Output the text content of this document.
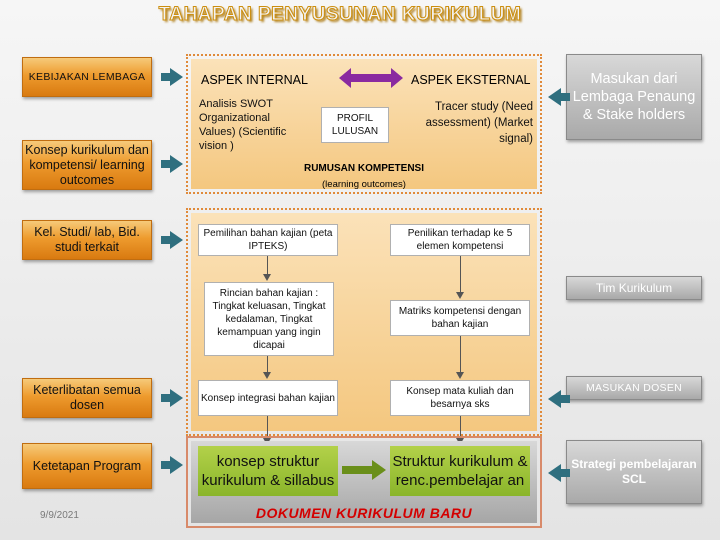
TAHAPAN PENYUSUNAN KURIKULUM
KEBIJAKAN LEMBAGA
Konsep kurikulum dan kompetensi/ learning outcomes
Kel. Studi/ lab, Bid. studi terkait
Keterlibatan semua dosen
Ketetapan Program
9/9/2021
ASPEK INTERNAL	ASPEK EKSTERNAL
Analisis SWOT Organizational Values) (Scientific vision )
PROFIL LULUSAN
Tracer study (Need assessment) (Market signal)
RUMUSAN KOMPETENSI
(learning outcomes)
Pemilihan bahan kajian (peta IPTEKS)
Penilikan terhadap ke 5 elemen kompetensi
Rincian bahan kajian : Tingkat keluasan, Tingkat kedalaman, Tingkat kemampuan yang ingin dicapai
Matriks kompetensi dengan bahan kajian
Konsep integrasi bahan kajian
Konsep mata kuliah dan besarnya sks
konsep struktur kurikulum & sillabus
Struktur kurikulum & renc.pembelajar an
DOKUMEN KURIKULUM BARU
Masukan dari Lembaga Penaung & Stake holders
Tim Kurikulum
MASUKAN DOSEN
Strategi pembelajaran SCL
